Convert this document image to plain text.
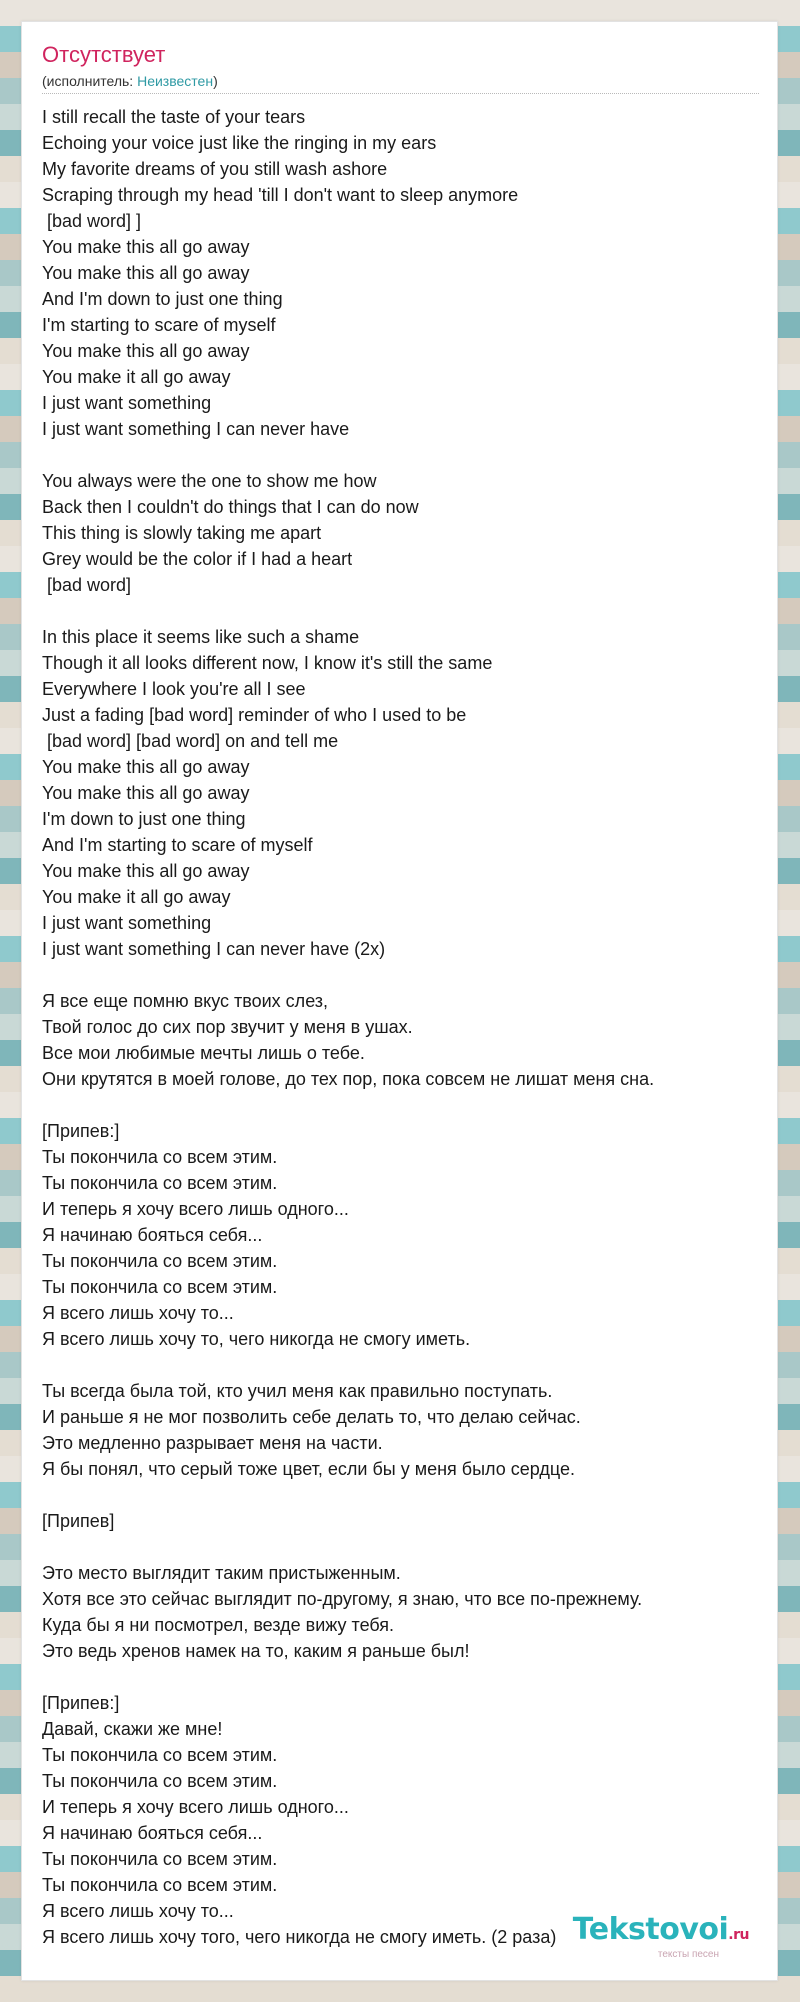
Отсутствует
(исполнитель: Неизвестен)
I still recall the taste of your tears
Echoing your voice just like the ringing in my ears
My favorite dreams of you still wash ashore
Scraping through my head 'till I don't want to sleep anymore
[bad word] ]
You make this all go away
You make this all go away
And I'm down to just one thing
I'm starting to scare of myself
You make this all go away
You make it all go away
I just want something
I just want something I can never have
You always were the one to show me how
Back then I couldn't do things that I can do now
This thing is slowly taking me apart
Grey would be the color if I had a heart
[bad word]
In this place it seems like such a shame
Though it all looks different now, I know it's still the same
Everywhere I look you're all I see
Just a fading [bad word] reminder of who I used to be
[bad word] [bad word] on and tell me
You make this all go away
You make this all go away
I'm down to just one thing
And I'm starting to scare of myself
You make this all go away
You make it all go away
I just want something
I just want something I can never have (2x)
Я все еще помню вкус твоих слез,
Твой голос до сих пор звучит у меня в ушах.
Все мои любимые мечты лишь о тебе.
Они крутятся в моей голове, до тех пор, пока совсем не лишат меня сна.
[Припев:]
Ты покончила со всем этим.
Ты покончила со всем этим.
И теперь я хочу всего лишь одного...
Я начинаю бояться себя...
Ты покончила со всем этим.
Ты покончила со всем этим.
Я всего лишь хочу то...
Я всего лишь хочу то, чего никогда не смогу иметь.
Ты всегда была той, кто учил меня как правильно поступать.
И раньше я не мог позволить себе делать то, что делаю сейчас.
Это медленно разрывает меня на части.
Я бы понял, что серый тоже цвет, если бы у меня было сердце.
[Припев]
Это место выглядит таким пристыженным.
Хотя все это сейчас выглядит по-другому, я знаю, что все по-прежнему.
Куда бы я ни посмотрел, везде вижу тебя.
Это ведь хренов намек на то, каким я раньше был!
[Припев:]
Давай, скажи же мне!
Ты покончила со всем этим.
Ты покончила со всем этим.
И теперь я хочу всего лишь одного...
Я начинаю бояться себя...
Ты покончила со всем этим.
Ты покончила со всем этим.
Я всего лишь хочу то...
Я всего лишь хочу того, чего никогда не смогу иметь. (2 раза) Tekstovoi.ru
тексты песен
